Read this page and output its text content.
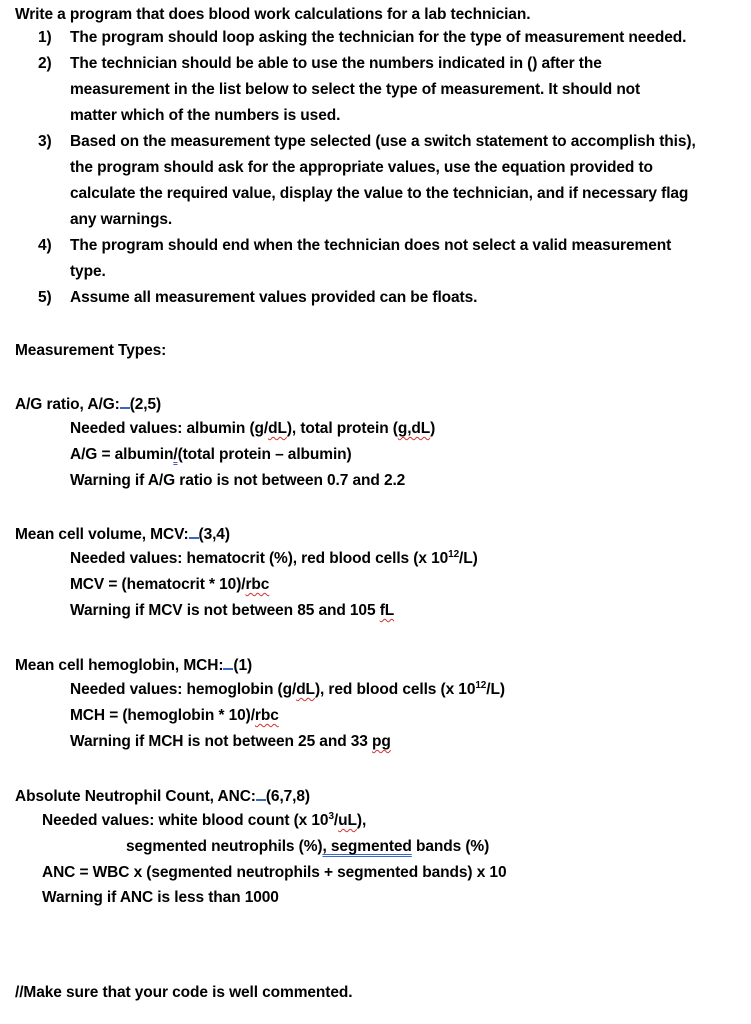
Write a program that does blood work calculations for a lab technician.
1) The program should loop asking the technician for the type of measurement needed.
2) The technician should be able to use the numbers indicated in () after the
measurement in the list below to select the type of measurement. It should not
matter which of the numbers is used.
3) Based on the measurement type selected (use a switch statement to accomplish this),
the program should ask for the appropriate values, use the equation provided to
calculate the required value, display the value to the technician, and if necessary flag
any warnings.
4) The program should end when the technician does not select a valid measurement
type.
5) Assume all measurement values provided can be floats.
Measurement Types:
A/G ratio, A/G: (2,5)
Needed values: albumin (g/dL), total protein (g,dL)
A/G = albumin/(total protein – albumin)
Warning if A/G ratio is not between 0.7 and 2.2
Mean cell volume, MCV: (3,4)
Needed values: hematocrit (%), red blood cells (x $10^{12}/L$)
MCV = (hematocrit * 10)/rbc
Warning if MCV is not between 85 and 105 fL
Mean cell hemoglobin, MCH: (1)
Needed values: hemoglobin (g/dL), red blood cells (x $10^{12}/L$)
MCH = (hemoglobin * 10)/rbc
Warning if MCH is not between 25 and 33 pg
Absolute Neutrophil Count, ANC: (6,7,8)
Needed values: white blood count (x $10^3/uL$),
segmented neutrophils (%), segmented bands (%)
ANC = WBC x (segmented neutrophils + segmented bands) x 10
Warning if ANC is less than 1000
//Make sure that your code is well commented.
